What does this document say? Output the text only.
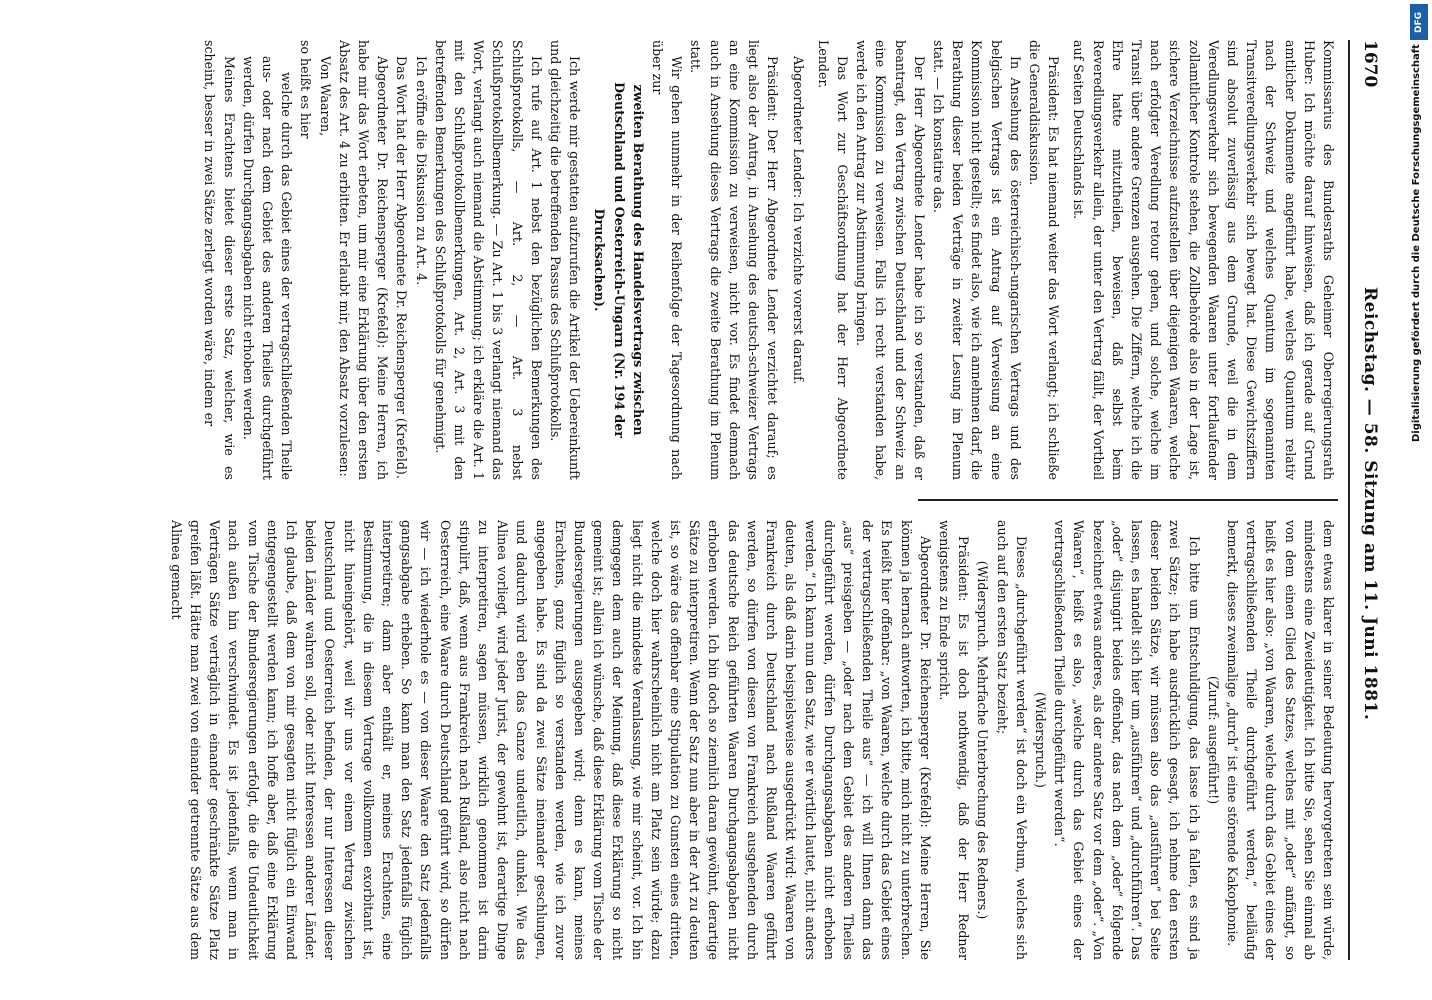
1670
Reichstag. — 58. Sitzung am 11. Juni 1881.

Kommissarius des Bundesraths Geheimer Oberregierungsrath Huber: Ich möchte darauf hinweisen, daß ich gerade auf Grund amtlicher Dokumente angeführt habe, welches Quantum relativ nach der Schweiz und welches Quantum im sogenannten Transitveredlungsverkehr sich bewegt hat. Diese Gewichtsziffern sind absolut zuverlässig aus dem Grunde, weil die in dem Veredlungsverkehr sich bewegenden Waaren unter fortlaufender zollamtlicher Kontrole stehen, die Zollbehörde also in der Lage ist, sichere Verzeichnisse aufzustellen über diejenigen Waaren, welche nach erfolgter Veredlung retour gehen, und solche, welche im Transit über andere Grenzen ausgehen. Die Ziffern, welche ich die Ehre hatte mitzutheilen, beweisen, daß selbst beim Reveredlungsverkehr allein, der unter den Vertrag fällt, der Vortheil auf Seiten Deutschlands ist.

Präsident: Es hat niemand weiter das Wort verlangt; ich schließe die Generaldiskussion.

In Ansehung des österreichisch-ungarischen Vertrags und des belgischen Vertrags ist ein Antrag auf Verweisung an eine Kommission nicht gestellt; es findet also, wie ich annehmen darf, die Berathung dieser beiden Verträge in zweiter Lesung im Plenum statt. — Ich konstatire das.

Der Herr Abgeordnete Lender habe ich so verstanden, daß er beantragt, den Vertrag zwischen Deutschland und der Schweiz an eine Kommission zu verweisen. Falls ich recht verstanden habe, werde ich den Antrag zur Abstimmung bringen.

Das Wort zur Geschäftsordnung hat der Herr Abgeordnete Lender.

Abgeordneter Lender: Ich verzichte vorerst darauf.

Präsident: Der Herr Abgeordnete Lender verzichtet darauf; es liegt also der Antrag, in Ansehung des deutsch-schweizer Vertrags an eine Kommission zu verweisen, nicht vor. Es findet demnach auch in Ansehung dieses Vertrags die zweite Berathung im Plenum statt.

Wir gehen nunmehr in der Reihenfolge der Tagesordnung nach über zur

zweiten Berathung des Handelsvertrags zwischen Deutschland und Oesterreich-Ungarn (Nr. 194 der Drucksachen).

Ich werde mir gestatten aufzurufen die Artikel der Uebereinkunft und gleichzeitig die betreffenden Passus des Schlußprotokolls.

Ich rufe auf Art. 1 nebst den bezüglichen Bemerkungen des Schlußprotokolls, — Art. 2, — Art. 3 nebst Schlußprotokollbemerkung. — Zu Art. 1 bis 3 verlangt niemand das Wort, verlangt auch niemand die Abstimmung; ich erkläre die Art. 1 mit den Schlußprotokollbemerkungen, Art. 2, Art. 3 mit den betreffenden Bemerkungen des Schlußprotokolls für genehmigt.

Ich eröffne die Diskussion zu Art. 4.

Das Wort hat der Herr Abgeordnete Dr. Reichensperger (Krefeld).

Abgeordneter Dr. Reichensperger (Krefeld): Meine Herren, ich habe mir das Wort erbeten, um mir eine Erklärung über den ersten Absatz des Art. 4 zu erbitten. Er erlaubt mir, den Absatz vorzulesen:

Von Waaren,

so heißt es hier

welche durch das Gebiet eines der vertragschließenden Theile aus- oder nach dem Gebiet des anderen Theiles durchgeführt werden, dürfen Durchgangsabgaben nicht erhoben werden.

Meines Erachtens bietet dieser erste Satz, welcher, wie es scheint, besser in zwei Sätze zerlegt worden wäre, indem er

dem etwas klarer in seiner Bedeutung hervorgetreten sein würde, mindestens eine Zweideutigkeit. Ich bitte Sie, sehen Sie einmal ab von dem einen Glied des Satzes, welches mit „oder“ anfängt, so heißt es hier also: „von Waaren, welche durch das Gebiet eines der vertragschließenden Theile durchgeführt werden,“ beiläufig bemerkt, dieses zweimalige „durch“ ist eine störende Kakophonie.

(Zuruf: ausgeführt!)

Ich bitte um Entschuldigung, das lasse ich ja fallen, es sind ja zwei Sätze; ich habe ausdrücklich gesagt, ich nehme den ersten dieser beiden Sätze, wir müssen also das „ausführen“ bei Seite lassen, es handelt sich hier um „ausführen“ und „durchführen“. Das „oder“ disjungirt beides offenbar, das nach dem „oder“ folgende bezeichnet etwas anderes, als der andere Satz vor dem „oder“. „Von Waaren“, heißt es also, „welche durch das Gebiet eines der vertragschließenden Theile durchgeführt werden“.

(Widerspruch.)

Dieses „durchgeführt werden“ ist doch ein Verbum, welches sich auch auf den ersten Satz bezieht;

(Widerspruch. Mehrfache Unterbrechung des Redners.)

Präsident: Es ist doch nothwendig, daß der Herr Redner wenigstens zu Ende spricht.

Abgeordneter Dr. Reichensperger (Krefeld): Meine Herren, Sie können ja hernach antworten, ich bitte, mich nicht zu unterbrechen. Es heißt hier offenbar: „von Waaren, welche durch das Gebiet eines der vertragschließenden Theile aus“ — ich will Ihnen dann das „aus“ preisgeben — „oder nach dem Gebiet des anderen Theiles durchgeführt werden, dürfen Durchgangsabgaben nicht erhoben werden.“ Ich kann nun den Satz, wie er wörtlich lautet, nicht anders deuten, als daß darin beispielsweise ausgedrückt wird: Waaren von Frankreich durch Deutschland nach Rußland Waaren geführt werden, so dürfen von diesen von Frankreich ausgehenden durch das deutsche Reich geführten Waaren Durchgangsabgaben nicht erhoben werden. Ich bin doch so ziemlich daran gewöhnt, derartige Sätze zu interpretiren. Wenn der Satz nun aber in der Art zu deuten ist, so wäre das offenbar eine Stipulation zu Gunsten eines dritten, welche doch hier wahrscheinlich nicht am Platz sein würde; dazu liegt nicht die mindeste Veranlassung, wie mir scheint, vor. Ich bin demgegen dem auch der Meinung, daß diese Erklärung so nicht gemeint ist; allein ich wünsche, daß diese Erklärung vom Tische der Bundesregierungen ausgegeben wird; denn es kann, meines Erachtens, ganz füglich so verstanden werden, wie ich zuvor angegeben habe. Es sind da zwei Sätze ineinander geschlungen, und dadurch wird eben das Ganze undeutlich, dunkel. Wie das Alinea vorliegt, wird jeder Jurist, der gewohnt ist, derartige Dinge zu interpretiren, sagen müssen, wirklich genommen ist darin stipulirt, daß, wenn aus Frankreich nach Rußland, also nicht nach Oesterreich, eine Waare durch Deutschland geführt wird, so dürfen wir — ich wiederhole es — von dieser Waare den Satz jedenfalls gangsabgabe erheben. So kann man den Satz jedenfalls füglich interpretiren; dann aber enthält er, meines Erachtens, eine Bestimmung, die in diesem Vertrage vollkommen exorbitant ist, nicht hineingehört, weil wir uns vor einem Vertrag zwischen Deutschland und Oesterreich befinden, der nur Interessen dieser beiden Länder wahren soll, oder nicht Interessen anderer Länder. Ich glaube, daß dem von mir gesagten nicht füglich ein Einwand entgegengestellt werden kann; ich hoffe aber, daß eine Erklärung vom Tische der Bundesregierungen erfolgt, die die Undeutlichkeit nach außen hin verschwindet. Es ist jedenfalls, wenn man in Verträgen Sätze verträglich in einander geschränkte Sätze Platz greifen läßt. Hätte man zwei von einander getrennte Sätze aus dem Alinea gemacht

DFG
Digitalisierung gefördert durch die Deutsche Forschungsgemeinschaft
